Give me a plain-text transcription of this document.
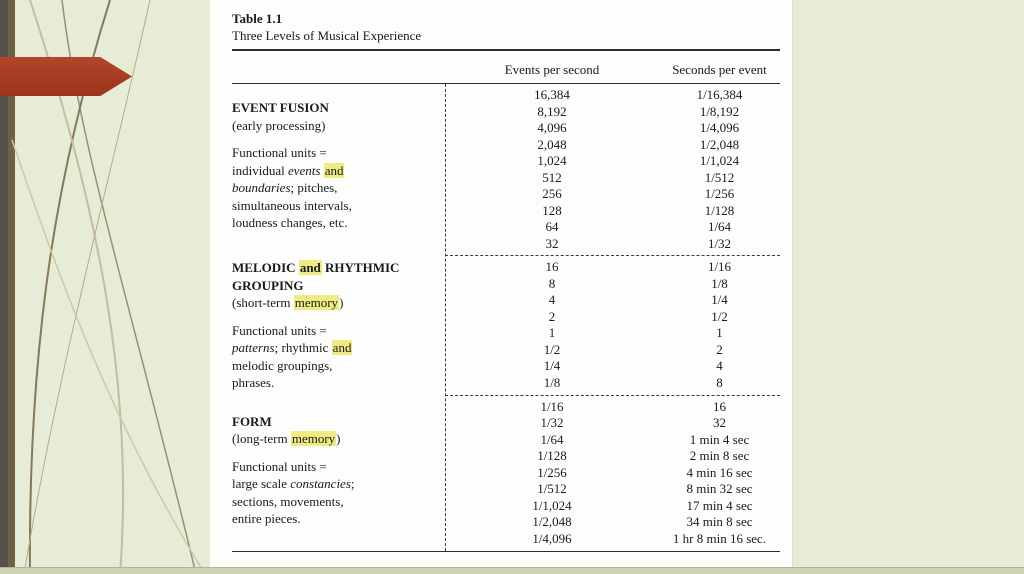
Table 1.1
Three Levels of Musical Experience
Events per second	Seconds per event
EVENT FUSION
(early processing)
Functional units =
individual events and
boundaries; pitches,
simultaneous intervals,
loudness changes, etc.
16,384
8,192
4,096
2,048
1,024
512
256
128
64
32
1/16,384
1/8,192
1/4,096
1/2,048
1/1,024
1/512
1/256
1/128
1/64
1/32
MELODIC and RHYTHMIC
GROUPING
(short-term memory)
Functional units =
patterns; rhythmic and
melodic groupings,
phrases.
16
8
4
2
1
1/2
1/4
1/8
1/16
1/8
1/4
1/2
1
2
4
8
FORM
(long-term memory)
Functional units =
large scale constancies;
sections, movements,
entire pieces.
1/16
1/32
1/64
1/128
1/256
1/512
1/1,024
1/2,048
1/4,096
16
32
1 min 4 sec
2 min 8 sec
4 min 16 sec
8 min 32 sec
17 min 4 sec
34 min 8 sec
1 hr 8 min 16 sec.
